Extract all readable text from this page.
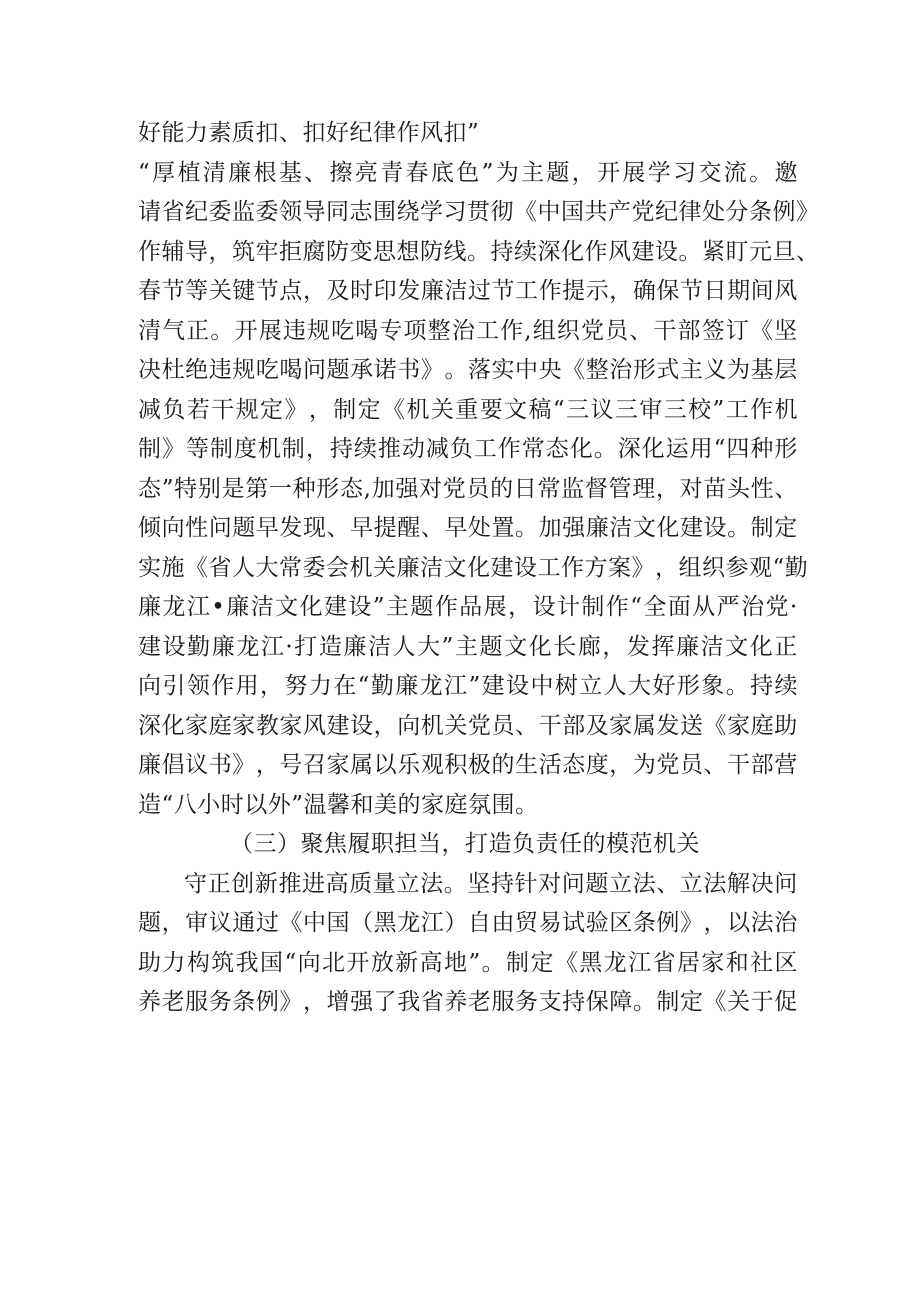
好能力素质扣、扣好纪律作风扣”
“ 厚 植 清 廉 根 基 、 擦 亮 青 春 底 色 ” 为 主 题 ， 开 展 学 习 交 流 。 邀
请 省 纪 委 监 委 领 导 同 志 围 绕 学 习 贯 彻 《 中 国 共 产 党 纪 律 处 分 条 例 》
作 辅 导 ， 筑 牢 拒 腐 防 变 思 想 防 线 。 持 续 深 化 作 风 建 设 。 紧 盯 元 旦 、
春 节 等 关 键 节 点 ， 及 时 印 发 廉 洁 过 节 工 作 提 示 ， 确 保 节 日 期 间 风
清 气 正 。 开 展 违 规 吃 喝 专 项 整 治 工 作 , 组 织 党 员 、 干 部 签 订 《 坚
决 杜 绝 违 规 吃 喝 问 题 承 诺 书 》 。 落 实 中 央 《 整 治 形 式 主 义 为 基 层
减 负 若 干 规 定 》 ， 制 定 《 机 关 重 要 文 稿 “ 三 议 三 审 三 校 ” 工 作 机
制 》 等 制 度 机 制 ， 持 续 推 动 减 负 工 作 常 态 化 。 深 化 运 用 “ 四 种 形
态 ” 特 别 是 第 一 种 形 态 , 加 强 对 党 员 的 日 常 监 督 管 理 ， 对 苗 头 性 、
倾 向 性 问 题 早 发 现 、 早 提 醒 、 早 处 置 。 加 强 廉 洁 文 化 建 设 。 制 定
实 施 《 省 人 大 常 委 会 机 关 廉 洁 文 化 建 设 工 作 方 案 》 ， 组 织 参 观 “ 勤
廉 龙 江 • 廉 洁 文 化 建 设 ” 主 题 作 品 展 ， 设 计 制 作 “ 全 面 从 严 治 党 ·
建 设 勤 廉 龙 江 · 打 造 廉 洁 人 大 ” 主 题 文 化 长 廊 ， 发 挥 廉 洁 文 化 正
向 引 领 作 用 ， 努 力 在 “ 勤 廉 龙 江 ” 建 设 中 树 立 人 大 好 形 象 。 持 续
深 化 家 庭 家 教 家 风 建 设 ， 向 机 关 党 员 、 干 部 及 家 属 发 送 《 家 庭 助
廉 倡 议 书 》 ， 号 召 家 属 以 乐 观 积 极 的 生 活 态 度 ， 为 党 员 、 干 部 营
造“八小时以外”温馨和美的家庭氛围。
（三）聚焦履职担当，打造负责任的模范机关
守 正 创 新 推 进 高 质 量 立 法 。 坚 持 针 对 问 题 立 法 、 立 法 解 决 问
题 ， 审 议 通 过 《 中 国 （ 黑 龙 江 ） 自 由 贸 易 试 验 区 条 例 》 ， 以 法 治
助 力 构 筑 我 国 “ 向 北 开 放 新 高 地 ” 。 制 定 《 黑 龙 江 省 居 家 和 社 区
养 老 服 务 条 例 》 ， 增 强 了 我 省 养 老 服 务 支 持 保 障 。 制 定 《 关 于 促
